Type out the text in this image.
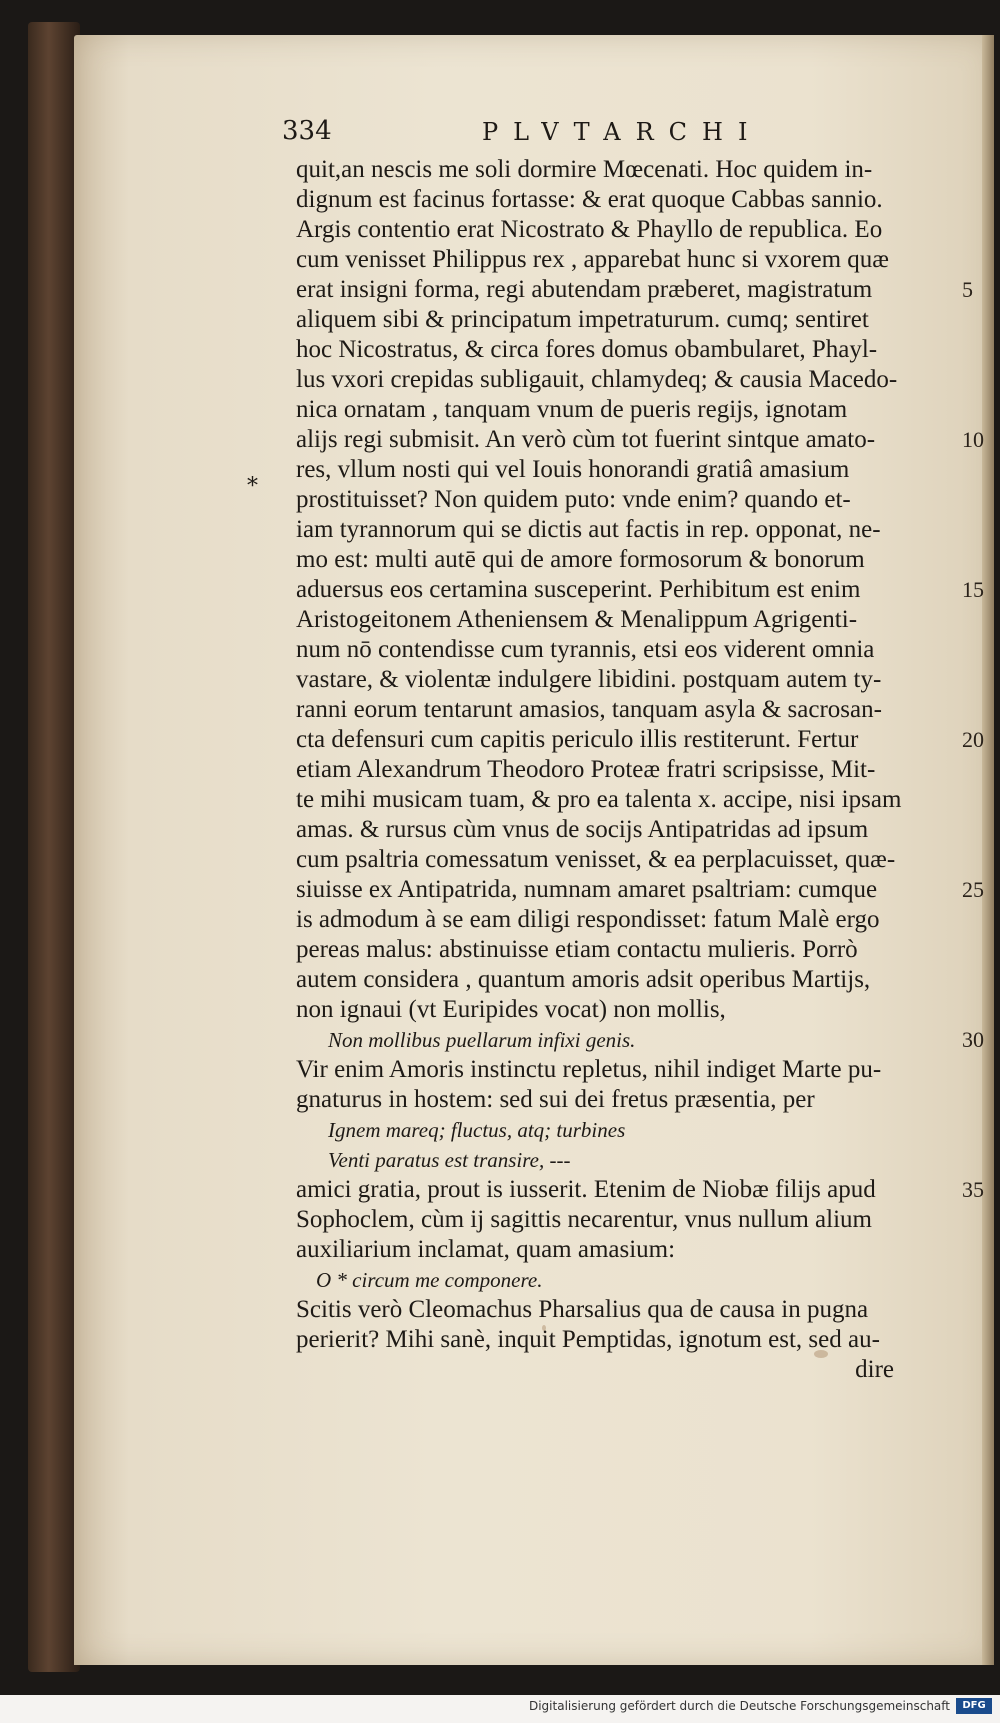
334	PLVTARCHI
*
quit,an nescis me soli dormire Mœcenati. Hoc quidem in-
dignum est facinus fortasse: & erat quoque Cabbas sannio.
Argis contentio erat Nicostrato & Phayllo de republica. Eo
cum venisset Philippus rex , apparebat hunc si vxorem quæ
erat insigni forma, regi abutendam præberet, magistratum
aliquem sibi & principatum impetraturum. cumq; sentiret
hoc Nicostratus, & circa fores domus obambularet, Phayl-
lus vxori crepidas subligauit, chlamydeq; & causia Macedo-
nica ornatam , tanquam vnum de pueris regijs, ignotam
alijs regi submisit. An verò cùm tot fuerint sintque amato-
res, vllum nosti qui vel Iouis honorandi gratiâ amasium
prostituisset? Non quidem puto: vnde enim? quando et-
iam tyrannorum qui se dictis aut factis in rep. opponat, ne-
mo est: multi autē qui de amore formosorum & bonorum
aduersus eos certamina susceperint. Perhibitum est enim
Aristogeitonem Atheniensem & Menalippum Agrigenti-
num nō contendisse cum tyrannis, etsi eos viderent omnia
vastare, & violentæ indulgere libidini. postquam autem ty-
ranni eorum tentarunt amasios, tanquam asyla & sacrosan-
cta defensuri cum capitis periculo illis restiterunt. Fertur
etiam Alexandrum Theodoro Proteæ fratri scripsisse, Mit-
te mihi musicam tuam, & pro ea talenta x. accipe, nisi ipsam
amas. & rursus cùm vnus de socijs Antipatridas ad ipsum
cum psaltria comessatum venisset, & ea perplacuisset, quæ-
siuisse ex Antipatrida, numnam amaret psaltriam: cumque
is admodum à se eam diligi respondisset: fatum Malè ergo
pereas malus: abstinuisse etiam contactu mulieris. Porrò
autem considera , quantum amoris adsit operibus Martijs,
non ignaui (vt Euripides vocat) non mollis,
Non mollibus puellarum infixi genis.
Vir enim Amoris instinctu repletus, nihil indiget Marte pu-
gnaturus in hostem: sed sui dei fretus præsentia, per
Ignem mareq; fluctus, atq; turbines
Venti paratus est transire, ---
amici gratia, prout is iusserit. Etenim de Niobæ filijs apud
Sophoclem, cùm ij sagittis necarentur, vnus nullum alium
auxiliarium inclamat, quam amasium:
O * circum me componere.
Scitis verò Cleomachus Pharsalius qua de causa in pugna
perierit? Mihi sanè, inquit Pemptidas, ignotum est, sed au-
dire
5
10
15
20
25
30
35
Digitalisierung gefördert durch die Deutsche Forschungsgemeinschaft	DFG
